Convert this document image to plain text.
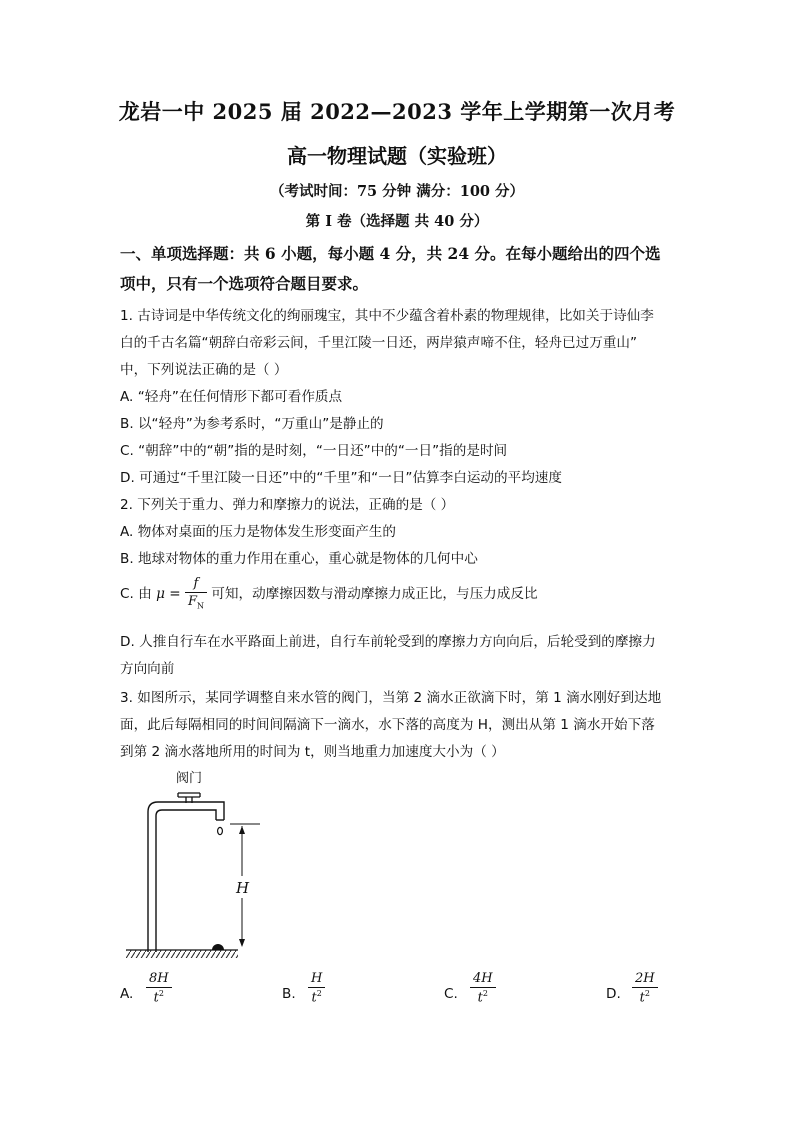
龙岩一中 2025 届 2022—2023 学年上学期第一次月考
高一物理试题（实验班）
（考试时间：75 分钟 满分：100 分）
第 I 卷（选择题 共 40 分）
一、单项选择题：共 6 小题，每小题 4 分，共 24 分。在每小题给出的四个选
项中，只有一个选项符合题目要求。
1. 古诗词是中华传统文化的绚丽瑰宝，其中不少蕴含着朴素的物理规律，比如关于诗仙李
白的千古名篇“朝辞白帝彩云间，千里江陵一日还，两岸猿声啼不住，轻舟已过万重山”
中，下列说法正确的是（ ）
A. “轻舟”在任何情形下都可看作质点
B. 以“轻舟”为参考系时，“万重山”是静止的
C. “朝辞”中的“朝”指的是时刻，“一日还”中的“一日”指的是时间
D. 可通过“千里江陵一日还”中的“千里”和“一日”估算李白运动的平均速度
2. 下列关于重力、弹力和摩擦力的说法，正确的是（ ）
A. 物体对桌面的压力是物体发生形变面产生的
B. 地球对物体的重力作用在重心，重心就是物体的几何中心
C. 由 $\mu = \frac{f}{F_N}$ 可知，动摩擦因数与滑动摩擦力成正比，与压力成反比
D. 人推自行车在水平路面上前进，自行车前轮受到的摩擦力方向向后，后轮受到的摩擦力
方向向前
3. 如图所示，某同学调整自来水管的阀门，当第 2 滴水正欲滴下时，第 1 滴水刚好到达地
面，此后每隔相同的时间间隔滴下一滴水，水下落的高度为 H，测出从第 1 滴水开始下落
到第 2 滴水落地所用的时间为 t，则当地重力加速度大小为（ ）
阀门
H
A. $\frac{8H}{t^2}$	B. $\frac{H}{t^2}$	C. $\frac{4H}{t^2}$	D. $\frac{2H}{t^2}$
